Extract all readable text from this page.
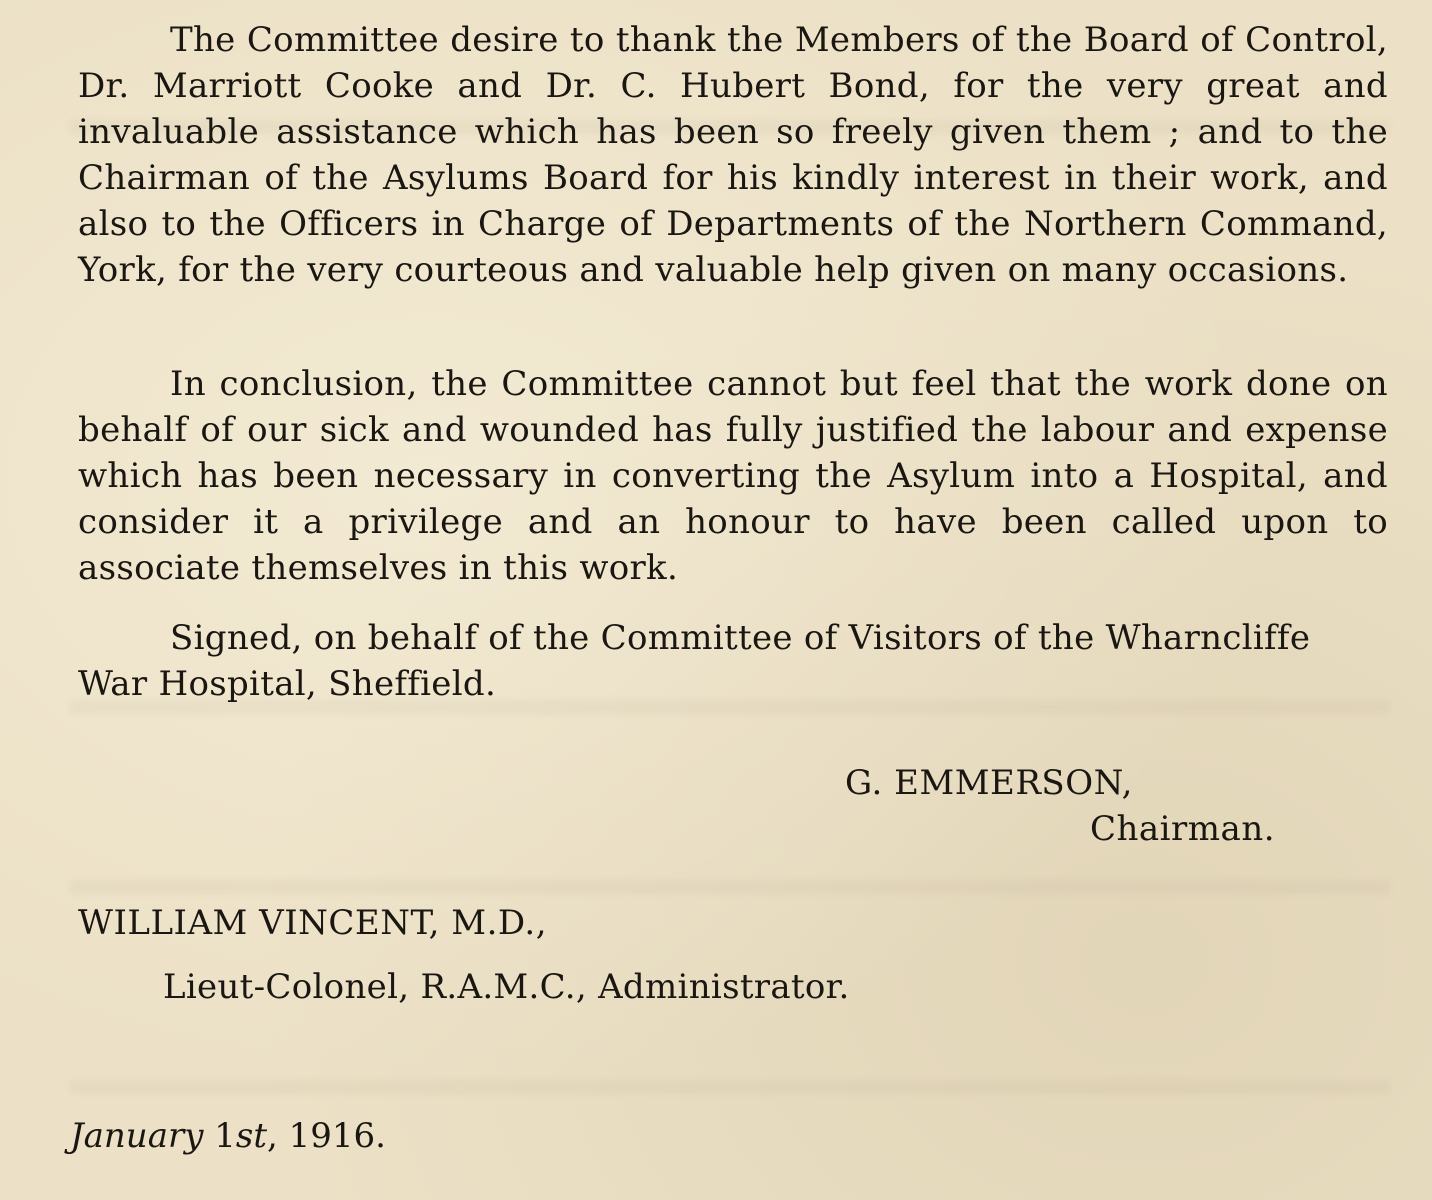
The Committee desire to thank the Members of the Board of Control, Dr. Marriott Cooke and Dr. C. Hubert Bond, for the very great and invaluable assistance which has been so freely given them ; and to the Chairman of the Asylums Board for his kindly interest in their work, and also to the Officers in Charge of Departments of the Northern Command, York, for the very courteous and valuable help given on many occasions.

In conclusion, the Committee cannot but feel that the work done on behalf of our sick and wounded has fully justified the labour and expense which has been necessary in converting the Asylum into a Hospital, and consider it a privilege and an honour to have been called upon to associate themselves in this work.

Signed, on behalf of the Committee of Visitors of the Wharncliffe War Hospital, Sheffield.

G. EMMERSON,
Chairman.
WILLIAM VINCENT, M.D.,
Lieut-Colonel, R.A.M.C., Administrator.
January 1st, 1916.
